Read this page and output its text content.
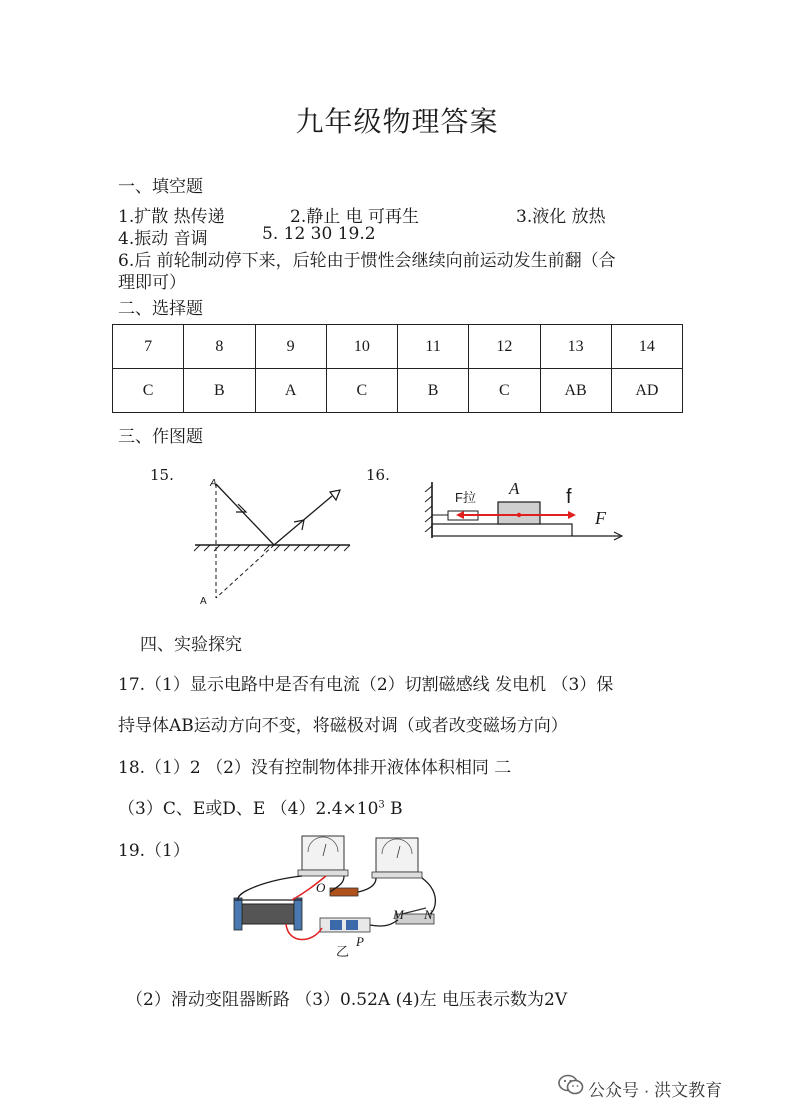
九年级物理答案
一、填空题
1.扩散 热传递	2.静止 电 可再生	3.液化 放热
4.振动 音调	5. 12 30 19.2
6.后 前轮制动停下来，后轮由于惯性会继续向前运动发生前翻（合
理即可）
二、选择题
7	8	9	10	11	12	13	14
C	B	A	C	B	C	AB	AD
三、作图题
15.	16.
A
A
F拉 A f
F
四、实验探究
17.（1）显示电路中是否有电流（2）切割磁感线 发电机 （3）保
持导体AB运动方向不变，将磁极对调（或者改变磁场方向）
18.（1）2 （2）没有控制物体排开液体体积相同 二
（3）C、E或D、E $(4)2.4\times 10^3$ B
19.（1）
O
M N
P
乙
（2）滑动变阻器断路 （3）0.52A (4)左 电压表示数为2V
公众号 · 洪文教育
